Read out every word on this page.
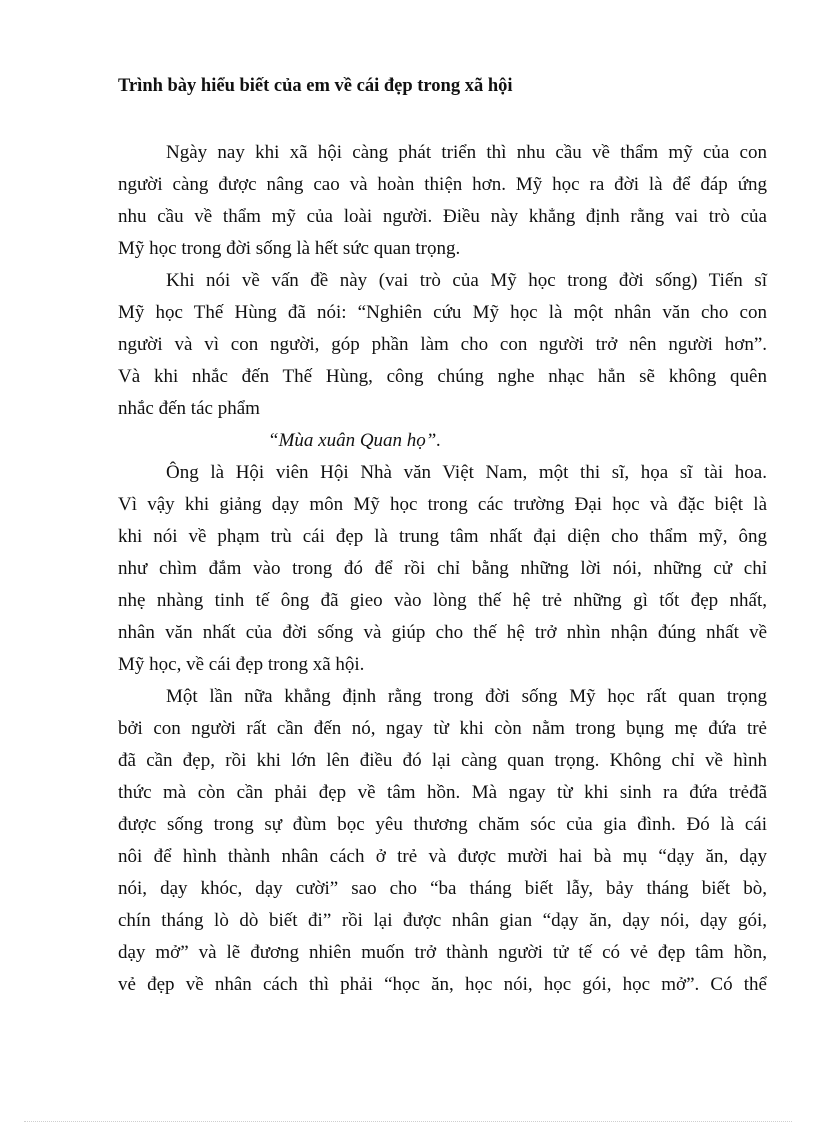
Trình bày hiểu biết của em về cái đẹp trong xã hội
Ngày nay khi xã hội càng phát triển thì nhu cầu về thẩm mỹ của con
người càng được nâng cao và hoàn thiện hơn. Mỹ học ra đời là để đáp ứng
nhu cầu về thẩm mỹ của loài người. Điều này khẳng định rằng vai trò của
Mỹ học trong đời sống là hết sức quan trọng.
Khi nói về vấn đề này (vai trò của Mỹ học trong đời sống) Tiến sĩ
Mỹ học Thế Hùng đã nói: “Nghiên cứu Mỹ học là một nhân văn cho con
người và vì con người, góp phần làm cho con người trở nên người hơn”.
Và khi nhắc đến Thế Hùng, công chúng nghe nhạc hẳn sẽ không quên
nhắc đến tác phẩm
“Mùa xuân Quan họ”.
Ông là Hội viên Hội Nhà văn Việt Nam, một thi sĩ, họa sĩ tài hoa.
Vì vậy khi giảng dạy môn Mỹ học trong các trường Đại học và đặc biệt là
khi nói về phạm trù cái đẹp là trung tâm nhất đại diện cho thẩm mỹ, ông
như chìm đắm vào trong đó để rồi chỉ bằng những lời nói, những cử chỉ
nhẹ nhàng tinh tế ông đã gieo vào lòng thế hệ trẻ những gì tốt đẹp nhất,
nhân văn nhất của đời sống và giúp cho thế hệ trở nhìn nhận đúng nhất về
Mỹ học, về cái đẹp trong xã hội.
Một lần nữa khẳng định rằng trong đời sống Mỹ học rất quan trọng
bởi con người rất cần đến nó, ngay từ khi còn nằm trong bụng mẹ đứa trẻ
đã cần đẹp, rồi khi lớn lên điều đó lại càng quan trọng. Không chỉ về hình
thức mà còn cần phải đẹp về tâm hồn. Mà ngay từ khi sinh ra đứa trẻđã
được sống trong sự đùm bọc yêu thương chăm sóc của gia đình. Đó là cái
nôi để hình thành nhân cách ở trẻ và được mười hai bà mụ “dạy ăn, dạy
nói, dạy khóc, dạy cười” sao cho “ba tháng biết lẫy, bảy tháng biết bò,
chín tháng lò dò biết đi” rồi lại được nhân gian “dạy ăn, dạy nói, dạy gói,
dạy mở” và lẽ đương nhiên muốn trở thành người tử tế có vẻ đẹp tâm hồn,
vẻ đẹp về nhân cách thì phải “học ăn, học nói, học gói, học mở”. Có thể
